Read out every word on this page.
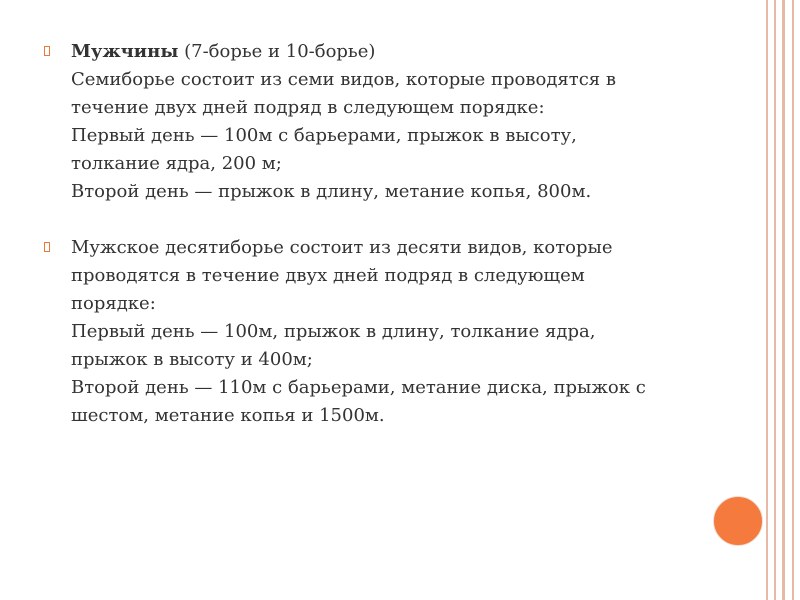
Мужчины (7-борье и 10-борье)
Семиборье состоит из семи видов, которые проводятся в
течение двух дней подряд в следующем порядке:
Первый день — 100м с барьерами, прыжок в высоту,
толкание ядра, 200 м;
Второй день — прыжок в длину, метание копья, 800м.
Мужское десятиборье состоит из десяти видов, которые
проводятся в течение двух дней подряд в следующем
порядке:
Первый день — 100м, прыжок в длину, толкание ядра,
прыжок в высоту и 400м;
Второй день — 110м с барьерами, метание диска, прыжок с
шестом, метание копья и 1500м.
